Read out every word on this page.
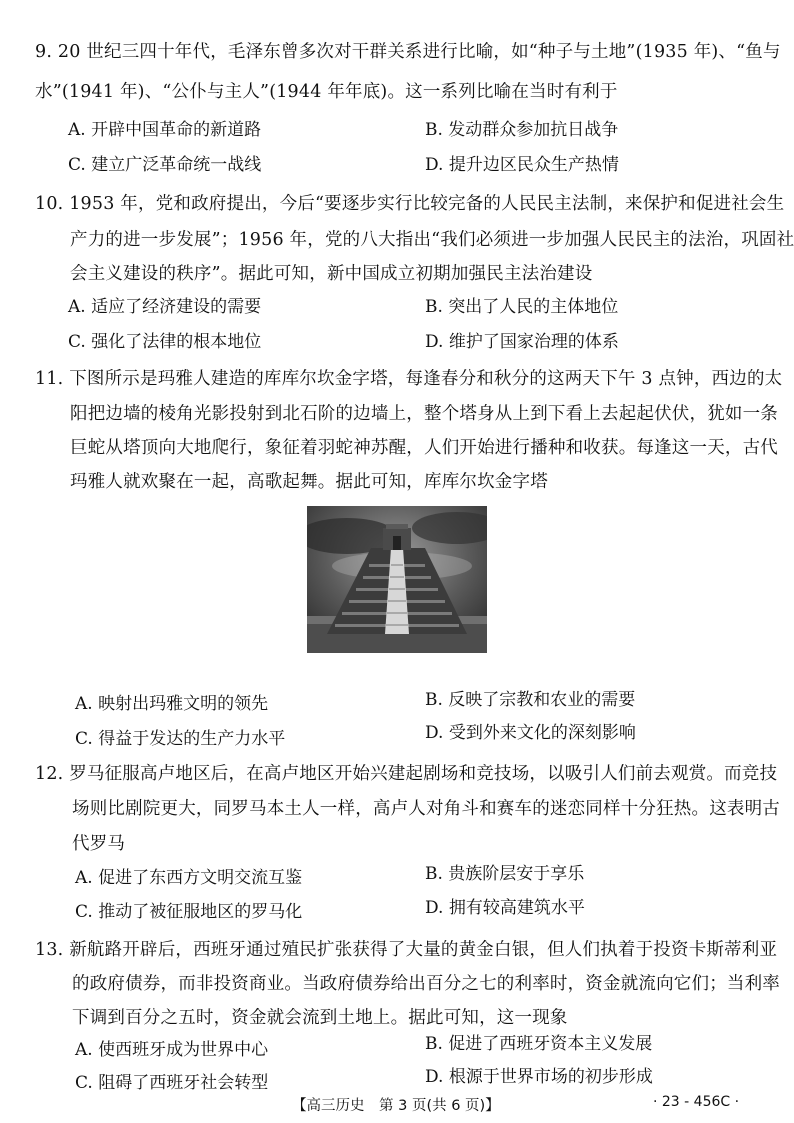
9. 20 世纪三四十年代，毛泽东曾多次对干群关系进行比喻，如“种子与土地”(1935 年)、“鱼与
水”(1941 年)、“公仆与主人”(1944 年年底)。这一系列比喻在当时有利于
A. 开辟中国革命的新道路	B. 发动群众参加抗日战争
C. 建立广泛革命统一战线	D. 提升边区民众生产热情
10. 1953 年，党和政府提出，今后“要逐步实行比较完备的人民民主法制，来保护和促进社会生
产力的进一步发展”；1956 年，党的八大指出“我们必须进一步加强人民民主的法治，巩固社
会主义建设的秩序”。据此可知，新中国成立初期加强民主法治建设
A. 适应了经济建设的需要	B. 突出了人民的主体地位
C. 强化了法律的根本地位	D. 维护了国家治理的体系
11. 下图所示是玛雅人建造的库库尔坎金字塔，每逢春分和秋分的这两天下午 3 点钟，西边的太
阳把边墙的棱角光影投射到北石阶的边墙上，整个塔身从上到下看上去起起伏伏，犹如一条
巨蛇从塔顶向大地爬行，象征着羽蛇神苏醒，人们开始进行播种和收获。每逢这一天，古代
玛雅人就欢聚在一起，高歌起舞。据此可知，库库尔坎金字塔
A. 映射出玛雅文明的领先	B. 反映了宗教和农业的需要
C. 得益于发达的生产力水平	D. 受到外来文化的深刻影响
12. 罗马征服高卢地区后，在高卢地区开始兴建起剧场和竞技场，以吸引人们前去观赏。而竞技
场则比剧院更大，同罗马本土人一样，高卢人对角斗和赛车的迷恋同样十分狂热。这表明古
代罗马
A. 促进了东西方文明交流互鉴	B. 贵族阶层安于享乐
C. 推动了被征服地区的罗马化	D. 拥有较高建筑水平
13. 新航路开辟后，西班牙通过殖民扩张获得了大量的黄金白银，但人们执着于投资卡斯蒂利亚
的政府债券，而非投资商业。当政府债券给出百分之七的利率时，资金就流向它们；当利率
下调到百分之五时，资金就会流到土地上。据此可知，这一现象
A. 使西班牙成为世界中心	B. 促进了西班牙资本主义发展
C. 阻碍了西班牙社会转型	D. 根源于世界市场的初步形成
【高三历史　第 3 页(共 6 页)】	· 23 - 456C ·
